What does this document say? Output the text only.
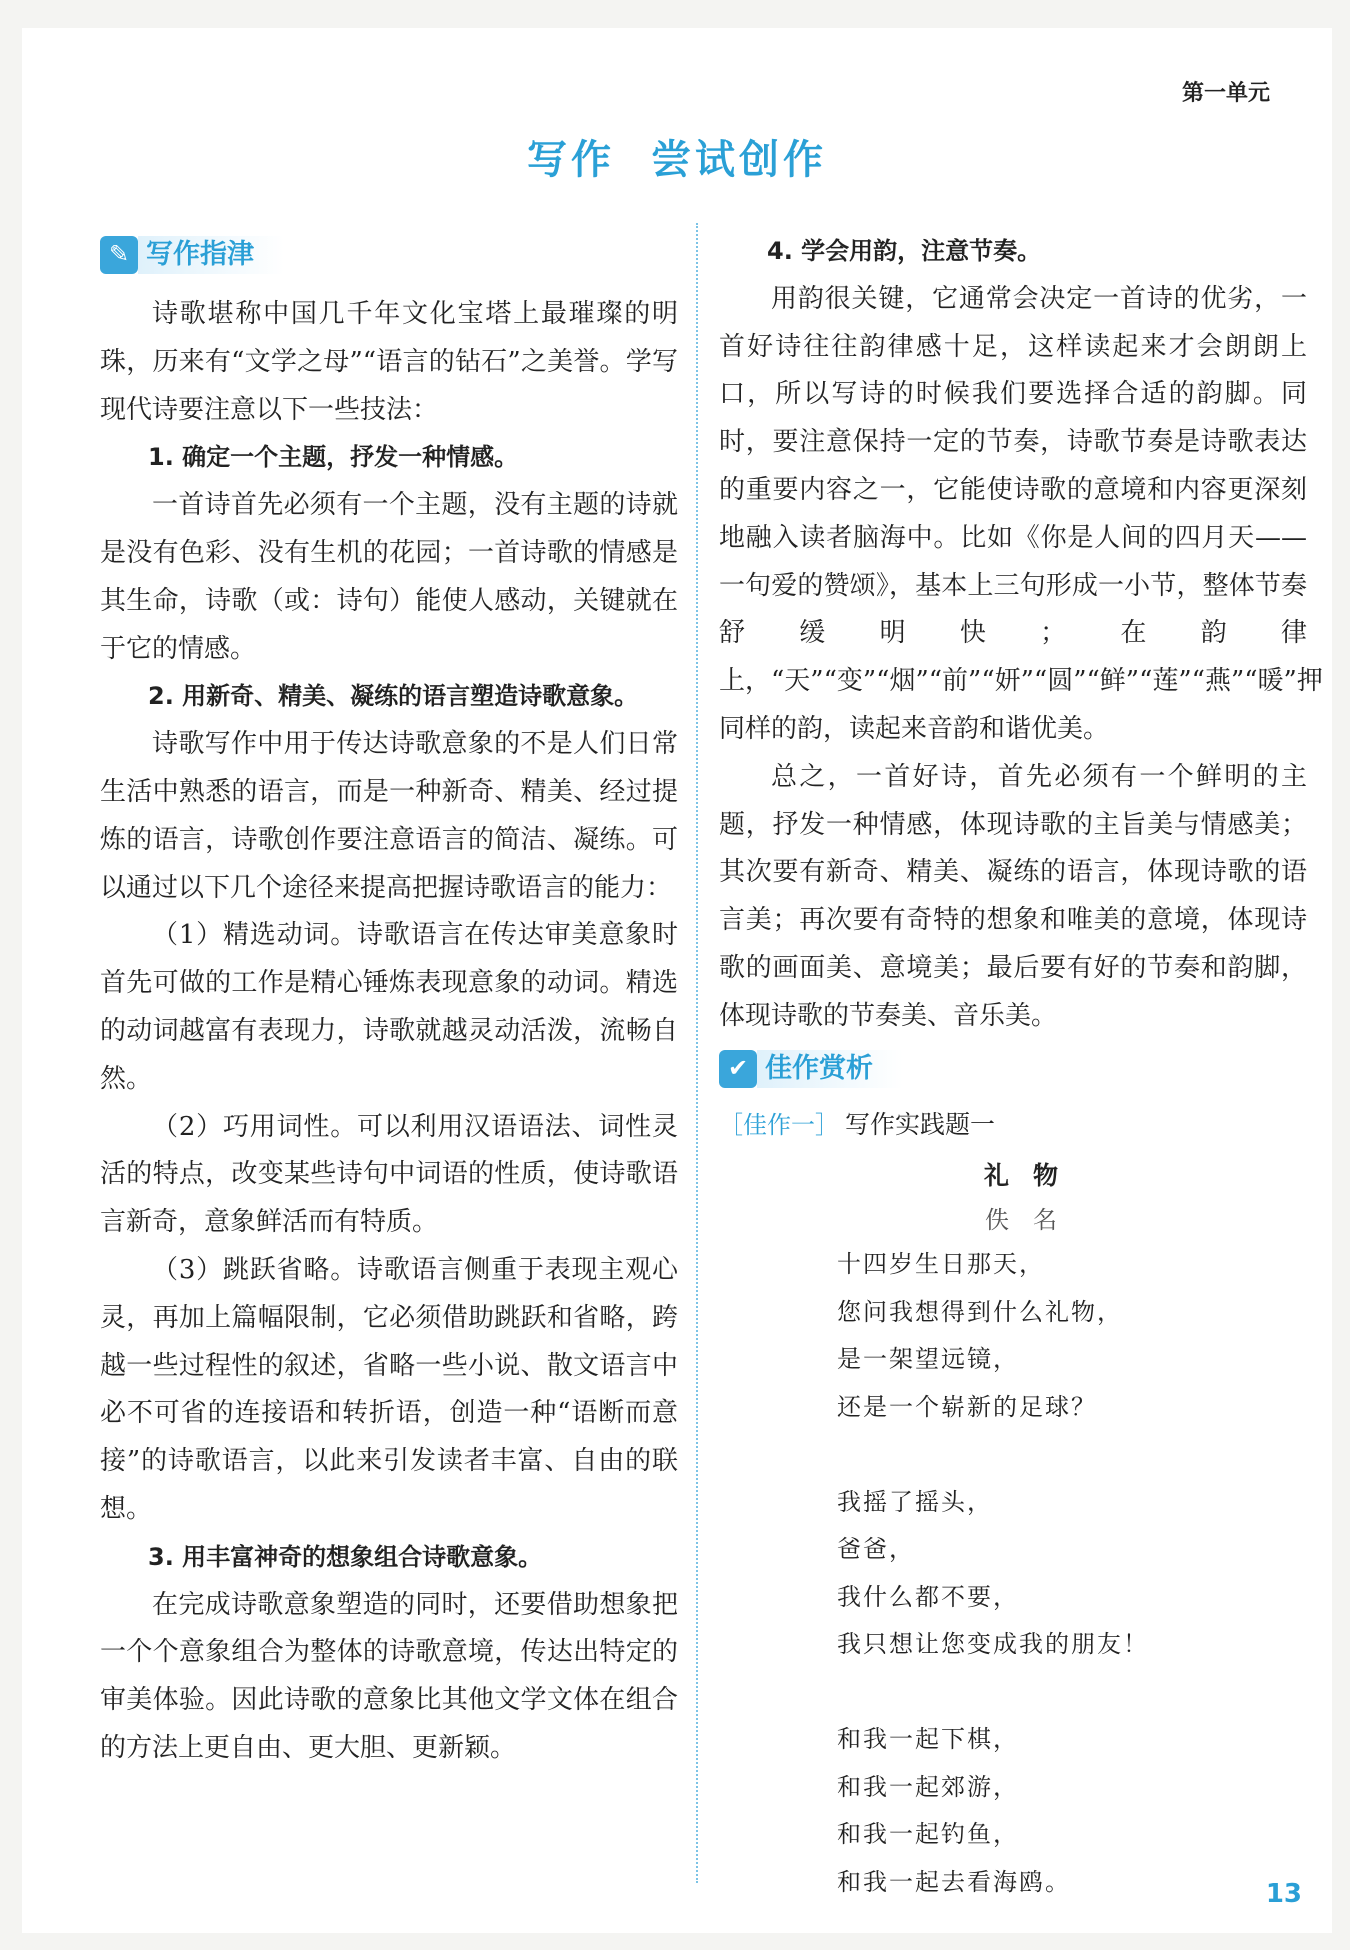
第一单元
写作 尝试创作
✎ 写作指津

诗歌堪称中国几千年文化宝塔上最璀璨的明珠，历来有“文学之母”“语言的钻石”之美誉。学写现代诗要注意以下一些技法：

1. 确定一个主题，抒发一种情感。

一首诗首先必须有一个主题，没有主题的诗就是没有色彩、没有生机的花园；一首诗歌的情感是其生命，诗歌（或：诗句）能使人感动，关键就在于它的情感。

2. 用新奇、精美、凝练的语言塑造诗歌意象。

诗歌写作中用于传达诗歌意象的不是人们日常生活中熟悉的语言，而是一种新奇、精美、经过提炼的语言，诗歌创作要注意语言的简洁、凝练。可以通过以下几个途径来提高把握诗歌语言的能力：

（1）精选动词。诗歌语言在传达审美意象时首先可做的工作是精心锤炼表现意象的动词。精选的动词越富有表现力，诗歌就越灵动活泼，流畅自然。

（2）巧用词性。可以利用汉语语法、词性灵活的特点，改变某些诗句中词语的性质，使诗歌语言新奇，意象鲜活而有特质。

（3）跳跃省略。诗歌语言侧重于表现主观心灵，再加上篇幅限制，它必须借助跳跃和省略，跨越一些过程性的叙述，省略一些小说、散文语言中必不可省的连接语和转折语，创造一种“语断而意接”的诗歌语言，以此来引发读者丰富、自由的联想。

3. 用丰富神奇的想象组合诗歌意象。

在完成诗歌意象塑造的同时，还要借助想象把一个个意象组合为整体的诗歌意境，传达出特定的审美体验。因此诗歌的意象比其他文学文体在组合的方法上更自由、更大胆、更新颖。

4. 学会用韵，注意节奏。

用韵很关键，它通常会决定一首诗的优劣，一首好诗往往韵律感十足，这样读起来才会朗朗上口，所以写诗的时候我们要选择合适的韵脚。同时，要注意保持一定的节奏，诗歌节奏是诗歌表达的重要内容之一，它能使诗歌的意境和内容更深刻地融入读者脑海中。比如《你是人间的四月天——一句爱的赞颂》，基本上三句形成一小节，整体节奏舒缓明快；在韵律上，“天”“变”“烟”“前”“妍”“圆”“鲜”“莲”“燕”“暖”押同样的韵，读起来音韵和谐优美。

总之，一首好诗，首先必须有一个鲜明的主题，抒发一种情感，体现诗歌的主旨美与情感美；其次要有新奇、精美、凝练的语言，体现诗歌的语言美；再次要有奇特的想象和唯美的意境，体现诗歌的画面美、意境美；最后要有好的节奏和韵脚，体现诗歌的节奏美、音乐美。

✔ 佳作赏析
［佳作一］ 写作实践题一
礼物
佚名
十四岁生日那天，
您问我想得到什么礼物，
是一架望远镜，
还是一个崭新的足球？
我摇了摇头，
爸爸，
我什么都不要，
我只想让您变成我的朋友！
和我一起下棋，
和我一起郊游，
和我一起钓鱼，
和我一起去看海鸥。	13
